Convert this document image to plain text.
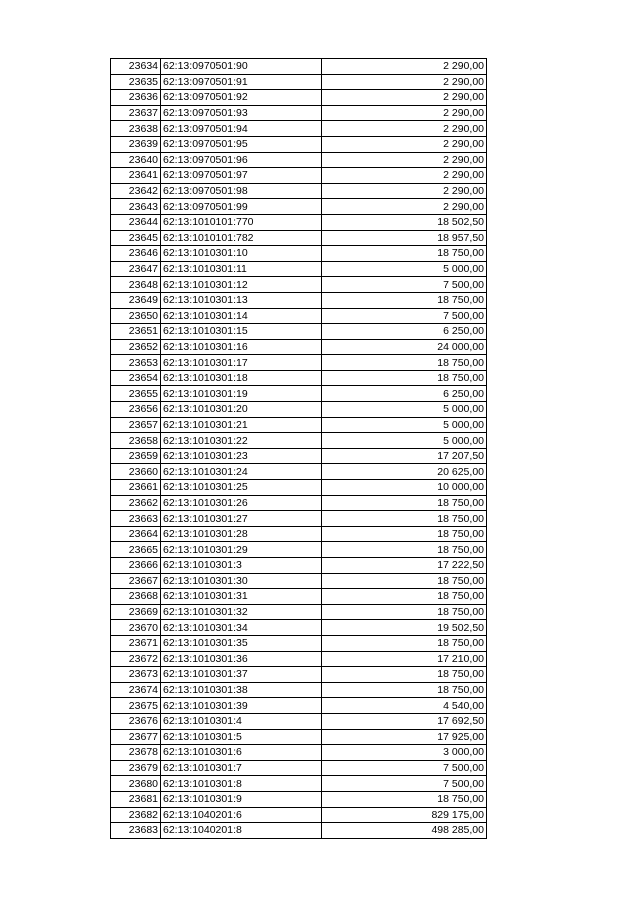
23634	62:13:0970501:90	2 290,00
23635	62:13:0970501:91	2 290,00
23636	62:13:0970501:92	2 290,00
23637	62:13:0970501:93	2 290,00
23638	62:13:0970501:94	2 290,00
23639	62:13:0970501:95	2 290,00
23640	62:13:0970501:96	2 290,00
23641	62:13:0970501:97	2 290,00
23642	62:13:0970501:98	2 290,00
23643	62:13:0970501:99	2 290,00
23644	62:13:1010101:770	18 502,50
23645	62:13:1010101:782	18 957,50
23646	62:13:1010301:10	18 750,00
23647	62:13:1010301:11	5 000,00
23648	62:13:1010301:12	7 500,00
23649	62:13:1010301:13	18 750,00
23650	62:13:1010301:14	7 500,00
23651	62:13:1010301:15	6 250,00
23652	62:13:1010301:16	24 000,00
23653	62:13:1010301:17	18 750,00
23654	62:13:1010301:18	18 750,00
23655	62:13:1010301:19	6 250,00
23656	62:13:1010301:20	5 000,00
23657	62:13:1010301:21	5 000,00
23658	62:13:1010301:22	5 000,00
23659	62:13:1010301:23	17 207,50
23660	62:13:1010301:24	20 625,00
23661	62:13:1010301:25	10 000,00
23662	62:13:1010301:26	18 750,00
23663	62:13:1010301:27	18 750,00
23664	62:13:1010301:28	18 750,00
23665	62:13:1010301:29	18 750,00
23666	62:13:1010301:3	17 222,50
23667	62:13:1010301:30	18 750,00
23668	62:13:1010301:31	18 750,00
23669	62:13:1010301:32	18 750,00
23670	62:13:1010301:34	19 502,50
23671	62:13:1010301:35	18 750,00
23672	62:13:1010301:36	17 210,00
23673	62:13:1010301:37	18 750,00
23674	62:13:1010301:38	18 750,00
23675	62:13:1010301:39	4 540,00
23676	62:13:1010301:4	17 692,50
23677	62:13:1010301:5	17 925,00
23678	62:13:1010301:6	3 000,00
23679	62:13:1010301:7	7 500,00
23680	62:13:1010301:8	7 500,00
23681	62:13:1010301:9	18 750,00
23682	62:13:1040201:6	829 175,00
23683	62:13:1040201:8	498 285,00
